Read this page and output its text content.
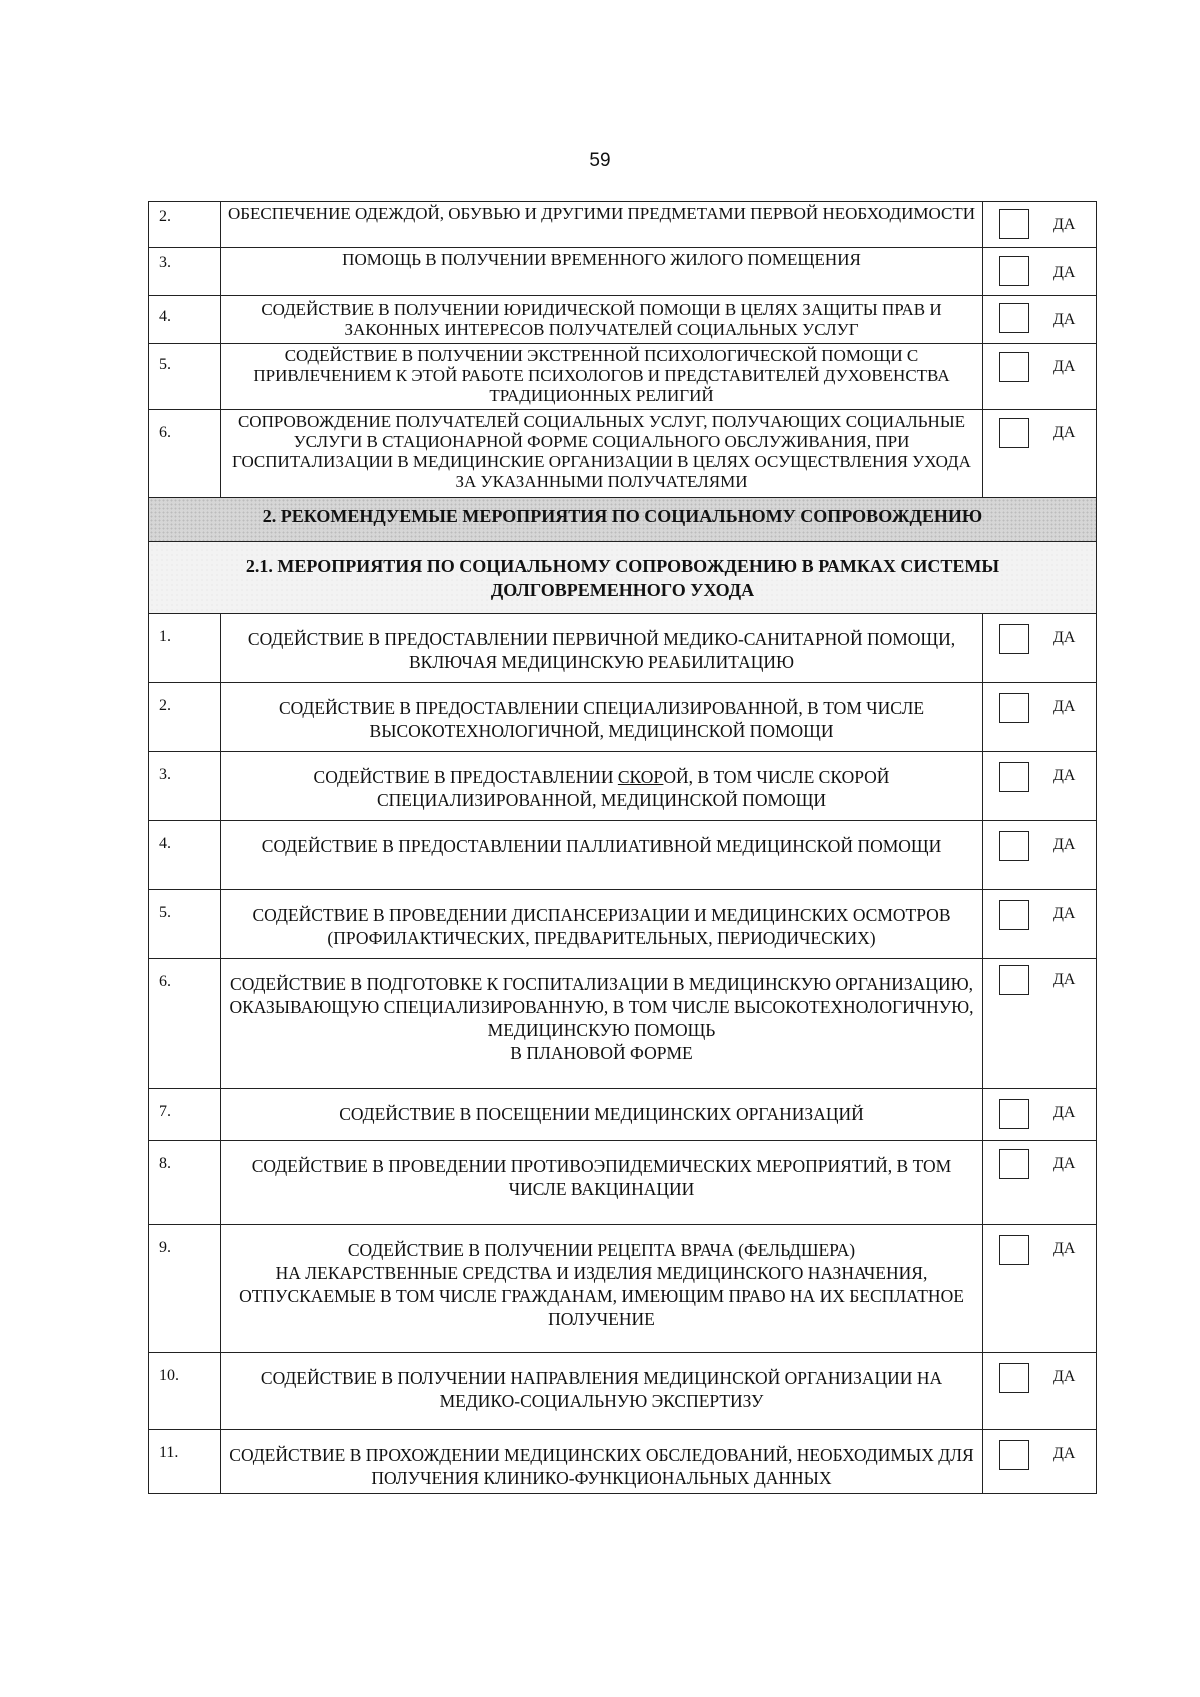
59
2.	ОБЕСПЕЧЕНИЕ ОДЕЖДОЙ, ОБУВЬЮ И ДРУГИМИ ПРЕДМЕТАМИ ПЕРВОЙ НЕОБХОДИМОСТИ	ДА

3.	ПОМОЩЬ В ПОЛУЧЕНИИ ВРЕМЕННОГО ЖИЛОГО ПОМЕЩЕНИЯ	ДА

4.	СОДЕЙСТВИЕ В ПОЛУЧЕНИИ ЮРИДИЧЕСКОЙ ПОМОЩИ В ЦЕЛЯХ ЗАЩИТЫ ПРАВ И ЗАКОННЫХ ИНТЕРЕСОВ ПОЛУЧАТЕЛЕЙ СОЦИАЛЬНЫХ УСЛУГ	ДА

5.	СОДЕЙСТВИЕ В ПОЛУЧЕНИИ ЭКСТРЕННОЙ ПСИХОЛОГИЧЕСКОЙ ПОМОЩИ С ПРИВЛЕЧЕНИЕМ К ЭТОЙ РАБОТЕ ПСИХОЛОГОВ И ПРЕДСТАВИТЕЛЕЙ ДУХОВЕНСТВА ТРАДИЦИОННЫХ РЕЛИГИЙ	ДА

6.	СОПРОВОЖДЕНИЕ ПОЛУЧАТЕЛЕЙ СОЦИАЛЬНЫХ УСЛУГ, ПОЛУЧАЮЩИХ СОЦИАЛЬНЫЕ УСЛУГИ В СТАЦИОНАРНОЙ ФОРМЕ СОЦИАЛЬНОГО ОБСЛУЖИВАНИЯ, ПРИ ГОСПИТАЛИЗАЦИИ В МЕДИЦИНСКИЕ ОРГАНИЗАЦИИ В ЦЕЛЯХ ОСУЩЕСТВЛЕНИЯ УХОДА ЗА УКАЗАННЫМИ ПОЛУЧАТЕЛЯМИ	ДА

2. РЕКОМЕНДУЕМЫЕ МЕРОПРИЯТИЯ ПО СОЦИАЛЬНОМУ СОПРОВОЖДЕНИЮ		
2.1. МЕРОПРИЯТИЯ ПО СОЦИАЛЬНОМУ СОПРОВОЖДЕНИЮ В РАМКАХ СИСТЕМЫ ДОЛГОВРЕМЕННОГО УХОДА		
1.	СОДЕЙСТВИЕ В ПРЕДОСТАВЛЕНИИ ПЕРВИЧНОЙ МЕДИКО-САНИТАРНОЙ ПОМОЩИ, ВКЛЮЧАЯ МЕДИЦИНСКУЮ РЕАБИЛИТАЦИЮ	ДА

2.	СОДЕЙСТВИЕ В ПРЕДОСТАВЛЕНИИ СПЕЦИАЛИЗИРОВАННОЙ, В ТОМ ЧИСЛЕ ВЫСОКОТЕХНОЛОГИЧНОЙ, МЕДИЦИНСКОЙ ПОМОЩИ	ДА

3.	СОДЕЙСТВИЕ В ПРЕДОСТАВЛЕНИИ СКОРОЙ, В ТОМ ЧИСЛЕ СКОРОЙ СПЕЦИАЛИЗИРОВАННОЙ, МЕДИЦИНСКОЙ ПОМОЩИ	ДА

4.	СОДЕЙСТВИЕ В ПРЕДОСТАВЛЕНИИ ПАЛЛИАТИВНОЙ МЕДИЦИНСКОЙ ПОМОЩИ	ДА

5.	СОДЕЙСТВИЕ В ПРОВЕДЕНИИ ДИСПАНСЕРИЗАЦИИ И МЕДИЦИНСКИХ ОСМОТРОВ (ПРОФИЛАКТИЧЕСКИХ, ПРЕДВАРИТЕЛЬНЫХ, ПЕРИОДИЧЕСКИХ)	ДА

6.	СОДЕЙСТВИЕ В ПОДГОТОВКЕ К ГОСПИТАЛИЗАЦИИ В МЕДИЦИНСКУЮ ОРГАНИЗАЦИЮ, ОКАЗЫВАЮЩУЮ СПЕЦИАЛИЗИРОВАННУЮ, В ТОМ ЧИСЛЕ ВЫСОКОТЕХНОЛОГИЧНУЮ, МЕДИЦИНСКУЮ ПОМОЩЬ
В ПЛАНОВОЙ ФОРМЕ	ДА

7.	СОДЕЙСТВИЕ В ПОСЕЩЕНИИ МЕДИЦИНСКИХ ОРГАНИЗАЦИЙ	ДА

8.	СОДЕЙСТВИЕ В ПРОВЕДЕНИИ ПРОТИВОЭПИДЕМИЧЕСКИХ МЕРОПРИЯТИЙ, В ТОМ ЧИСЛЕ ВАКЦИНАЦИИ	ДА

9.	СОДЕЙСТВИЕ В ПОЛУЧЕНИИ РЕЦЕПТА ВРАЧА (ФЕЛЬДШЕРА)
НА ЛЕКАРСТВЕННЫЕ СРЕДСТВА И ИЗДЕЛИЯ МЕДИЦИНСКОГО НАЗНАЧЕНИЯ, ОТПУСКАЕМЫЕ В ТОМ ЧИСЛЕ ГРАЖДАНАМ, ИМЕЮЩИМ ПРАВО НА ИХ БЕСПЛАТНОЕ ПОЛУЧЕНИЕ	ДА

10.	СОДЕЙСТВИЕ В ПОЛУЧЕНИИ НАПРАВЛЕНИЯ МЕДИЦИНСКОЙ ОРГАНИЗАЦИИ НА МЕДИКО-СОЦИАЛЬНУЮ ЭКСПЕРТИЗУ	ДА

11.	СОДЕЙСТВИЕ В ПРОХОЖДЕНИИ МЕДИЦИНСКИХ ОБСЛЕДОВАНИЙ, НЕОБХОДИМЫХ ДЛЯ ПОЛУЧЕНИЯ КЛИНИКО-ФУНКЦИОНАЛЬНЫХ ДАННЫХ	ДА
